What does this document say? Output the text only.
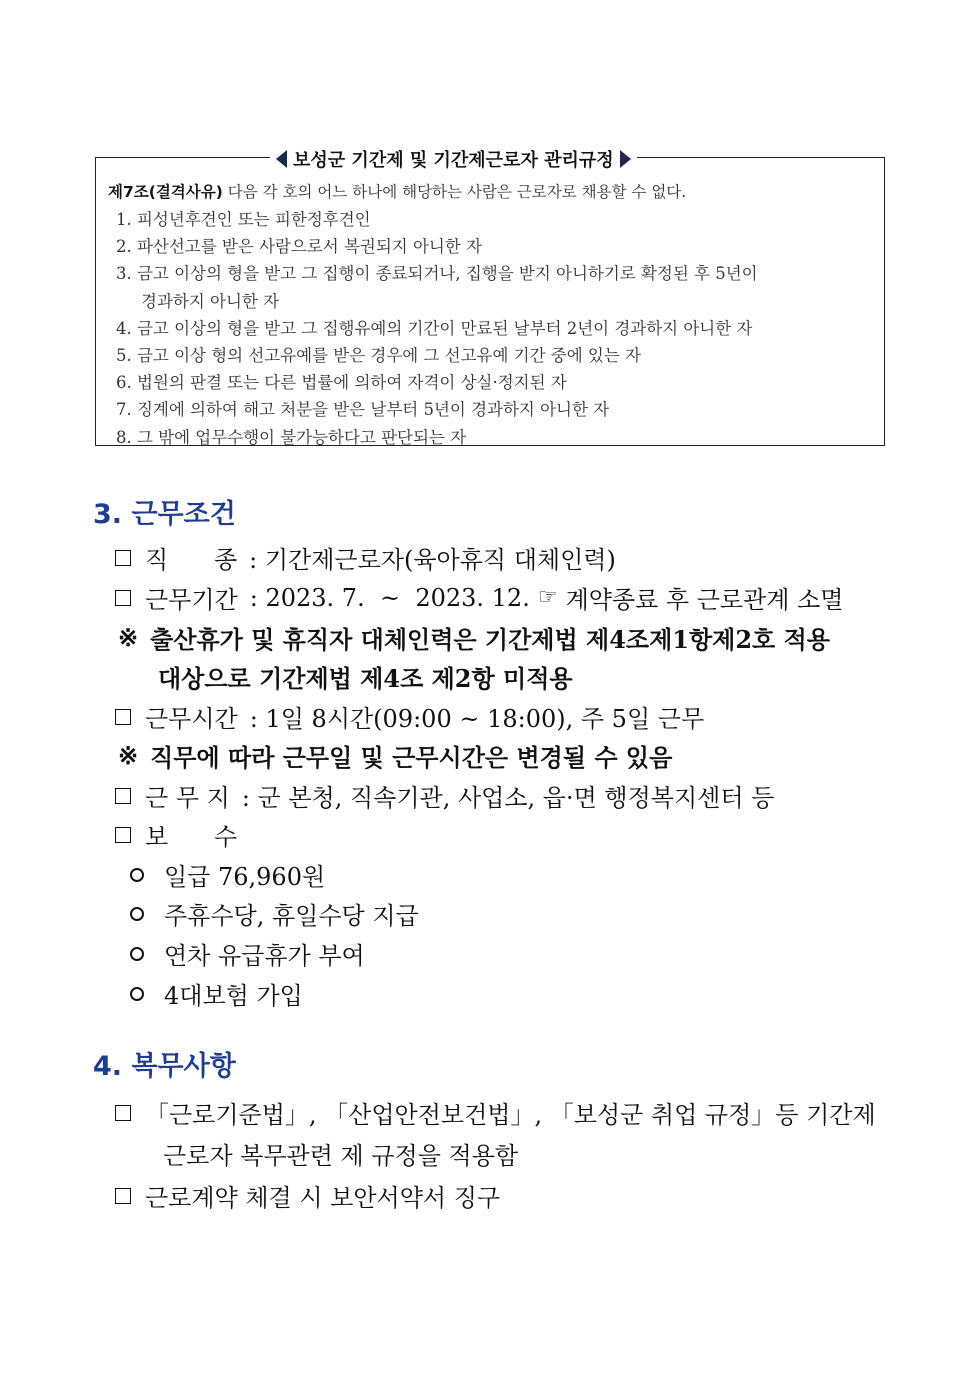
보성군 기간제 및 기간제근로자 관리규정
제7조(결격사유) 다음 각 호의 어느 하나에 해당하는 사람은 근로자로 채용할 수 없다.
1. 피성년후견인 또는 피한정후견인
2. 파산선고를 받은 사람으로서 복권되지 아니한 자
3. 금고 이상의 형을 받고 그 집행이 종료되거나, 집행을 받지 아니하기로 확정된 후 5년이
경과하지 아니한 자
4. 금고 이상의 형을 받고 그 집행유예의 기간이 만료된 날부터 2년이 경과하지 아니한 자
5. 금고 이상 형의 선고유예를 받은 경우에 그 선고유예 기간 중에 있는 자
6. 법원의 판결 또는 다른 법률에 의하여 자격이 상실·정지된 자
7. 징계에 의하여 해고 처분을 받은 날부터 5년이 경과하지 아니한 자
8. 그 밖에 업무수행이 불가능하다고 판단되는 자
3. 근무조건
직      종 : 기간제근로자(육아휴직 대체인력)
근무기간 : 2023. 7.  ~  2023. 12. ☞ 계약종료 후 근로관계 소멸
※ 출산휴가 및 휴직자 대체인력은 기간제법 제4조제1항제2호 적용
대상으로 기간제법 제4조 제2항 미적용
근무시간 : 1일 8시간(09:00 ~ 18:00), 주 5일 근무
※ 직무에 따라 근무일 및 근무시간은 변경될 수 있음
근 무 지 : 군 본청, 직속기관, 사업소, 읍·면 행정복지센터 등
보      수
일급 76,960원
주휴수당, 휴일수당 지급
연차 유급휴가 부여
4대보험 가입
4. 복무사항
「근로기준법」, 「산업안전보건법」, 「보성군 취업 규정」등 기간제
근로자 복무관련 제 규정을 적용함
근로계약 체결 시 보안서약서 징구
